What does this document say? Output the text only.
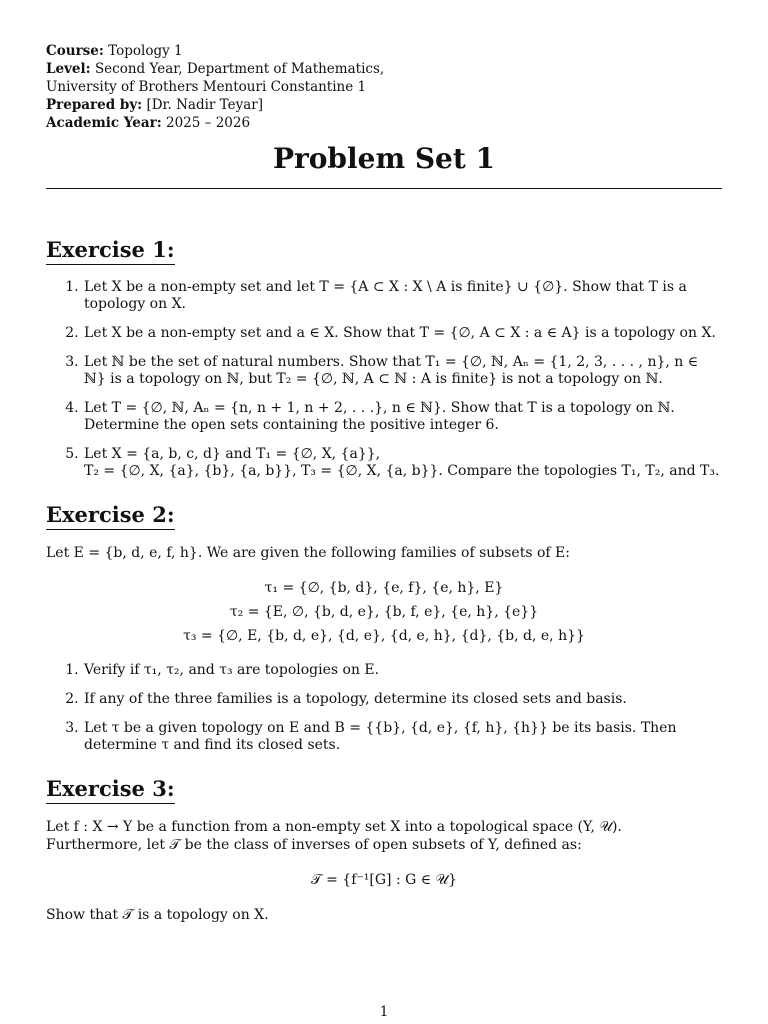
Course: Topology 1
Level: Second Year, Department of Mathematics,
University of Brothers Mentouri Constantine 1
Prepared by: [Dr. Nadir Teyar]
Academic Year: 2025 – 2026
Problem Set 1
Exercise 1:
1. Let X be a non-empty set and let T = {A ⊂ X : X \ A is finite} ∪ {∅}. Show that T is a topology on X.
2. Let X be a non-empty set and a ∈ X. Show that T = {∅, A ⊂ X : a ∈ A} is a topology on X.
3. Let ℕ be the set of natural numbers. Show that T₁ = {∅, ℕ, Aₙ = {1, 2, 3, . . . , n}, n ∈ ℕ} is a topology on ℕ, but T₂ = {∅, ℕ, A ⊂ ℕ : A is finite} is not a topology on ℕ.
4. Let T = {∅, ℕ, Aₙ = {n, n + 1, n + 2, . . .}, n ∈ ℕ}. Show that T is a topology on ℕ. Determine the open sets containing the positive integer 6.
5. Let X = {a, b, c, d} and T₁ = {∅, X, {a}},
T₂ = {∅, X, {a}, {b}, {a, b}}, T₃ = {∅, X, {a, b}}. Compare the topologies T₁, T₂, and T₃.
Exercise 2:

Let E = {b, d, e, f, h}. We are given the following families of subsets of E:

τ₁ = {∅, {b, d}, {e, f}, {e, h}, E}
τ₂ = {E, ∅, {b, d, e}, {b, f, e}, {e, h}, {e}}
τ₃ = {∅, E, {b, d, e}, {d, e}, {d, e, h}, {d}, {b, d, e, h}}
1. Verify if τ₁, τ₂, and τ₃ are topologies on E.
2. If any of the three families is a topology, determine its closed sets and basis.
3. Let τ be a given topology on E and B = {{b}, {d, e}, {f, h}, {h}} be its basis. Then determine τ and find its closed sets.
Exercise 3:

Let f : X → Y be a function from a non-empty set X into a topological space (Y, 𝒰). Furthermore, let 𝒯 be the class of inverses of open subsets of Y, defined as:

𝒯 = {f⁻¹[G] : G ∈ 𝒰}

Show that 𝒯 is a topology on X.

1
